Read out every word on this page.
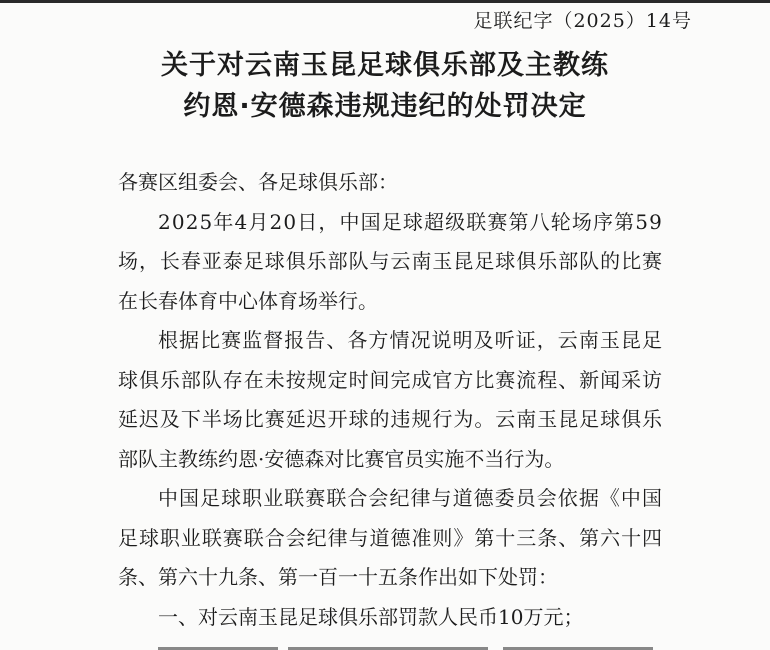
足联纪字（2025）14号
关于对云南玉昆足球俱乐部及主教练
约恩·安德森违规违纪的处罚决定
各赛区组委会、各足球俱乐部：
2025年4月20日，中国足球超级联赛第八轮场序第59
场，长春亚泰足球俱乐部队与云南玉昆足球俱乐部队的比赛
在长春体育中心体育场举行。
根据比赛监督报告、各方情况说明及听证，云南玉昆足
球俱乐部队存在未按规定时间完成官方比赛流程、新闻采访
延迟及下半场比赛延迟开球的违规行为。云南玉昆足球俱乐
部队主教练约恩·安德森对比赛官员实施不当行为。
中国足球职业联赛联合会纪律与道德委员会依据《中国
足球职业联赛联合会纪律与道德准则》第十三条、第六十四
条、第六十九条、第一百一十五条作出如下处罚：
一、对云南玉昆足球俱乐部罚款人民币10万元；
